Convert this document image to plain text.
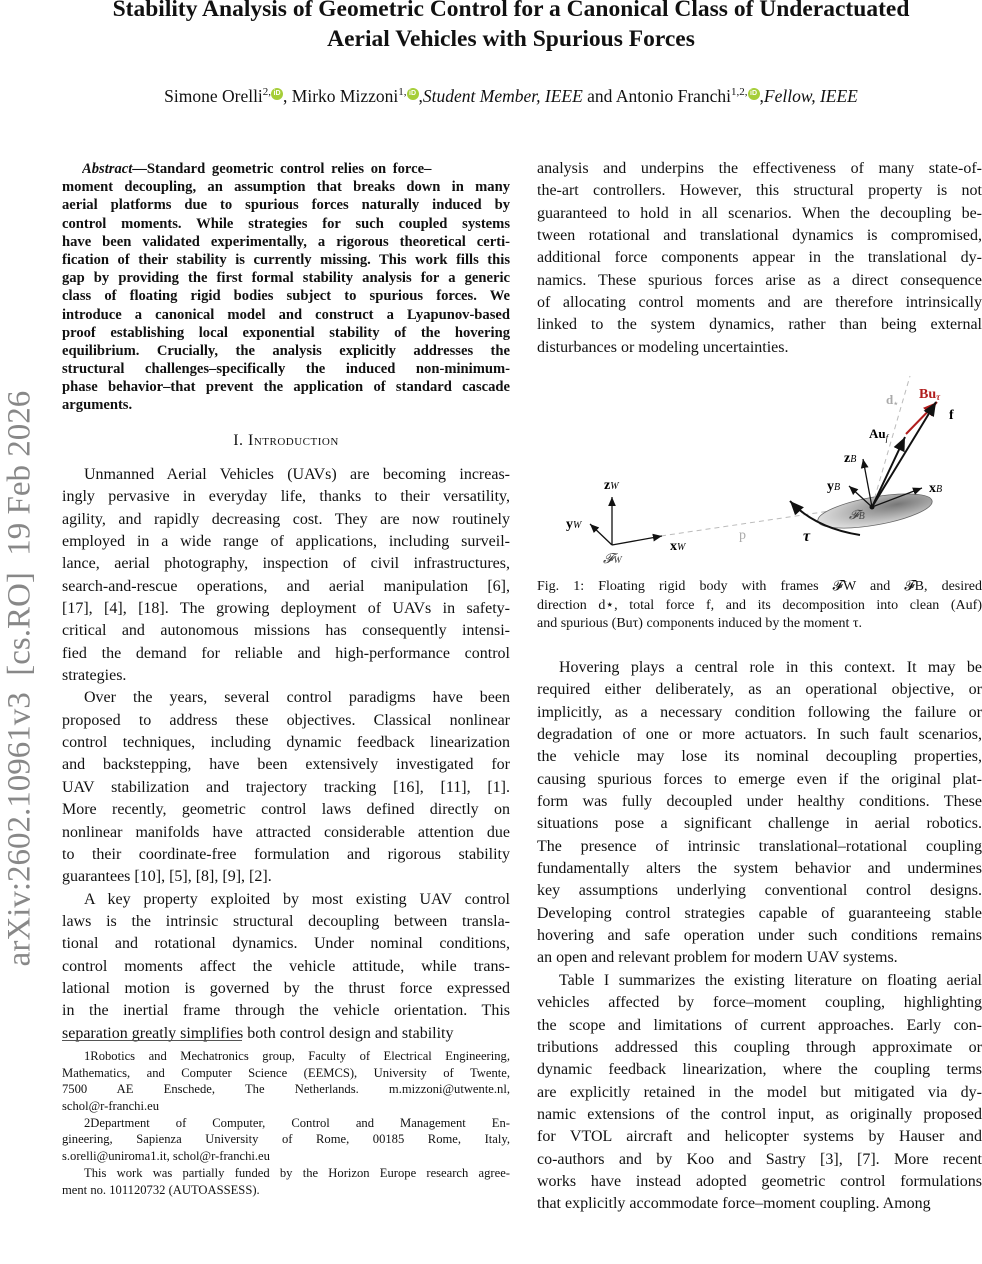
arXiv:2602.10961v3  [cs.RO]  19 Feb 2026
Stability Analysis of Geometric Control for a Canonical Class of Underactuated
Aerial Vehicles with Spurious Forces
Simone Orelli$^{2,}$ iD , Mirko Mizzoni$^{1,}$ iD ,Student Member, IEEE and Antonio Franchi$^{1,2,}$ iD ,Fellow, IEEE
Abstract—Standard geometric control relies on force–
moment decoupling, an assumption that breaks down in many
aerial platforms due to spurious forces naturally induced by
control moments. While strategies for such coupled systems
have been validated experimentally, a rigorous theoretical certi-
fication of their stability is currently missing. This work fills this
gap by providing the first formal stability analysis for a generic
class of floating rigid bodies subject to spurious forces. We
introduce a canonical model and construct a Lyapunov-based
proof establishing local exponential stability of the hovering
equilibrium. Crucially, the analysis explicitly addresses the
structural challenges–specifically the induced non-minimum-
phase behavior–that prevent the application of standard cascade
arguments.
I. Introduction
Unmanned Aerial Vehicles (UAVs) are becoming increas-
ingly pervasive in everyday life, thanks to their versatility,
agility, and rapidly decreasing cost. They are now routinely
employed in a wide range of applications, including surveil-
lance, aerial photography, inspection of civil infrastructures,
search-and-rescue operations, and aerial manipulation [6],
[17], [4], [18]. The growing deployment of UAVs in safety-
critical and autonomous missions has consequently intensi-
fied the demand for reliable and high-performance control
strategies.
Over the years, several control paradigms have been
proposed to address these objectives. Classical nonlinear
control techniques, including dynamic feedback linearization
and backstepping, have been extensively investigated for
UAV stabilization and trajectory tracking [16], [11], [1].
More recently, geometric control laws defined directly on
nonlinear manifolds have attracted considerable attention due
to their coordinate-free formulation and rigorous stability
guarantees [10], [5], [8], [9], [2].
A key property exploited by most existing UAV control
laws is the intrinsic structural decoupling between transla-
tional and rotational dynamics. Under nominal conditions,
control moments affect the vehicle attitude, while trans-
lational motion is governed by the thrust force expressed
in the inertial frame through the vehicle orientation. This
separation greatly simplifies both control design and stability
1Robotics and Mechatronics group, Faculty of Electrical Engineering,
Mathematics, and Computer Science (EEMCS), University of Twente,
7500 AE Enschede, The Netherlands. m.mizzoni@utwente.nl,
schol@r-franchi.eu
2Department of Computer, Control and Management En-
gineering, Sapienza University of Rome, 00185 Rome, Italy,
s.orelli@uniroma1.it, schol@r-franchi.eu
This work was partially funded by the Horizon Europe research agree-
ment no. 101120732 (AUTOASSESS).
analysis and underpins the effectiveness of many state-of-
the-art controllers. However, this structural property is not
guaranteed to hold in all scenarios. When the decoupling be-
tween rotational and translational dynamics is compromised,
additional force components appear in the translational dy-
namics. These spurious forces arise as a direct consequence
of allocating control moments and are therefore intrinsically
linked to the system dynamics, rather than being external
disturbances or modeling uncertainties.
zW
yW
xW
𝓕W
p	τ
𝓕B
yB
zB
xB
$Au_f$
d⋆
Buτ
f
Fig. 1: Floating rigid body with frames 𝓕W and 𝓕B, desired
direction d⋆, total force f, and its decomposition into clean (Auf)
and spurious (Buτ) components induced by the moment τ.
Hovering plays a central role in this context. It may be
required either deliberately, as an operational objective, or
implicitly, as a necessary condition following the failure or
degradation of one or more actuators. In such fault scenarios,
the vehicle may lose its nominal decoupling properties,
causing spurious forces to emerge even if the original plat-
form was fully decoupled under healthy conditions. These
situations pose a significant challenge in aerial robotics.
The presence of intrinsic translational–rotational coupling
fundamentally alters the system behavior and undermines
key assumptions underlying conventional control designs.
Developing control strategies capable of guaranteeing stable
hovering and safe operation under such conditions remains
an open and relevant problem for modern UAV systems.
Table I summarizes the existing literature on floating aerial
vehicles affected by force–moment coupling, highlighting
the scope and limitations of current approaches. Early con-
tributions addressed this coupling through approximate or
dynamic feedback linearization, where the coupling terms
are explicitly retained in the model but mitigated via dy-
namic extensions of the control input, as originally proposed
for VTOL aircraft and helicopter systems by Hauser and
co-authors and by Koo and Sastry [3], [7]. More recent
works have instead adopted geometric control formulations
that explicitly accommodate force–moment coupling. Among
